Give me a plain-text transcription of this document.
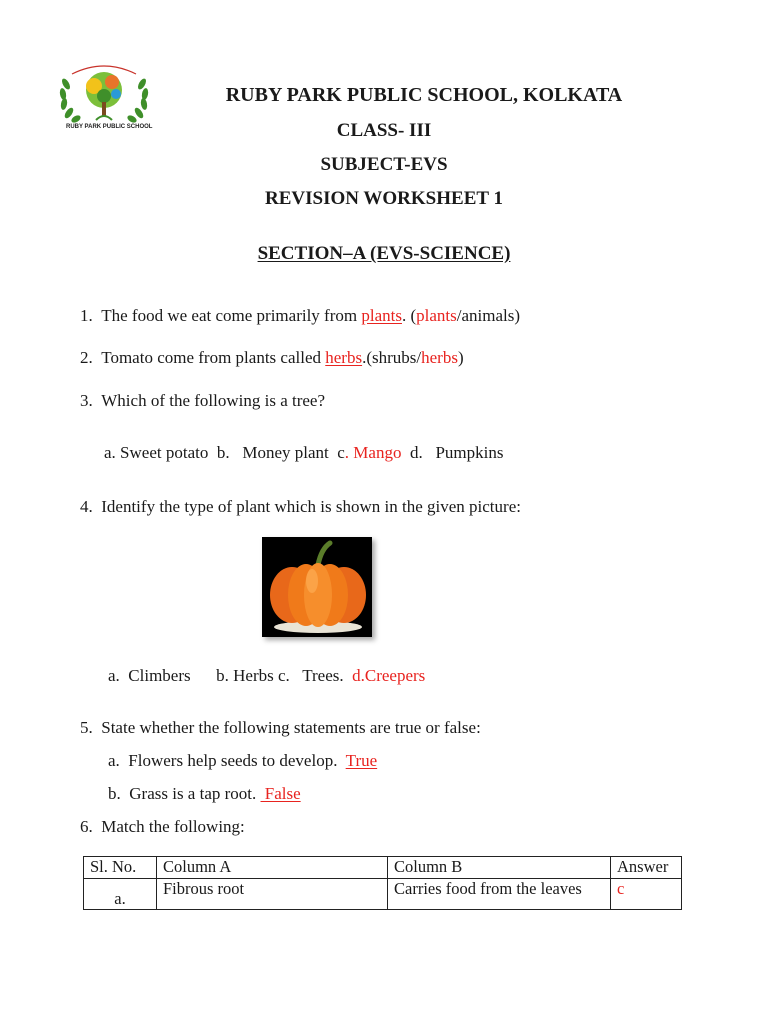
RUBY PARK PUBLIC SCHOOL
RUBY PARK PUBLIC SCHOOL, KOLKATA
CLASS- III
SUBJECT-EVS
REVISION WORKSHEET 1
SECTION–A (EVS-SCIENCE)
1. The food we eat come primarily from plants. (plants/animals)
2. Tomato come from plants called herbs.(shrubs/herbs)
3. Which of the following is a tree?
a. Sweet potato  b.   Money plant  c. Mango  d.   Pumpkins
4. Identify the type of plant which is shown in the given picture:
a.  Climbers      b. Herbs c.   Trees.  d.Creepers
5. State whether the following statements are true or false:
a.  Flowers help seeds to develop.  True
b.  Grass is a tap root.  False
6. Match the following:
Sl. No.	Column A	Column B	Answer
a.	Fibrous root	Carries food from the leaves	c
